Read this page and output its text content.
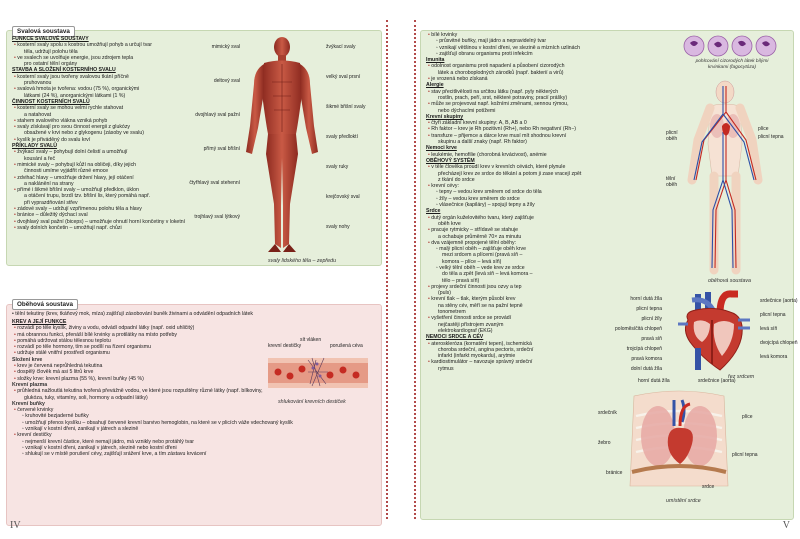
Svalová soustava

FUNKCE SVALOVÉ SOUSTAVY

• kosterní svaly spolu s kostrou umožňují pohyb a určují tvar

těla, udržují polohu těla

• ve svalech se uvolňuje energie, jsou zdrojem tepla

pro ostatní tělní orgány

STAVBA A SLOŽENÍ KOSTERNÍHO SVALU

• kosterní svaly jsou tvořeny svalovou tkání příčně

pruhovanou

• svalová hmota je tvořena: vodou (75 %), organickými

látkami (24 %), anorganickými látkami (1 %)

ČINNOST KOSTERNÍCH SVALŮ

• kosterní svaly se mohou velmi rychle stahovat

a natahovat

• stahem svalového vlákna vzniká pohyb

• svaly získávají pro svou činnost energii z glukózy

obsažené v krvi nebo z glykogenu (zásoby ve svalu)

• kyslík je přiváděný do svalu krví

PŘÍKLADY SVALŮ

• žvýkací svaly – pohybují dolní čelistí a umožňují

kousání a řeč

• mimické svaly – pohybují kůží na obličeji, díky jejich

činnosti umíme vyjádřit různé emoce

• zdvihač hlavy – umožňuje držení hlavy, její otáčení

a naklánění na strany

• přímé i šikmé břišní svaly – umožňují předklon, úklon

a otáčení trupu, brzdí tzv. břišní lis, který pomáhá např.

při vyprazdňování střev

• zádové svaly – udržují vzpřímenou polohu těla a hlavy

• bránice – důležitý dýchací sval

• dvojhlavý sval pažní (biceps) – umožňuje ohnutí horní končetiny v loketní

• svaly dolních končetin – umožňují např. chůzi

mimický sval
deltový sval
dvojhlavý sval pažní
přímý sval břišní
čtyřhlavý sval stehenní
trojhlavý sval lýtkový
žvýkací svaly
velký sval prsní
šikmé břišní svaly
svaly předloktí
svaly ruky
krejčovský sval
svaly nohy
svaly lidského těla – zepředu
Oběhová soustava

• tělní tekutiny (krev, tkáňový mok, míza) zajišťují zásobování buněk živinami a odvádění odpadních látek

KREV A JEJÍ FUNKCE

• rozvádí po těle kyslík, živiny a vodu, odvádí odpadní látky (např. oxid uhličitý)

• má obrannou funkci, přenáší bílé krvinky a protilátky na místo potřeby

• pomáhá udržovat stálou tělesnou teplotu

• rozvádí po těle hormony, tím se podílí na řízení organismu

• udržuje stálé vnitřní prostředí organismu

Složení krve

• krev je červená neprůhledná tekutina

• dospělý člověk má asi 5 litrů krve

• složky krve: krevní plazma (55 %), krevní buňky (45 %)

Krevní plazma

• průhledná nažloutlá tekutina tvořená převážně vodou, ve které jsou rozpuštěny různé látky (např. bílkoviny,

glukóza, tuky, vitamíny, soli, hormony a odpadní látky)

Krevní buňky

• červené krvinky

◦ kruhovité bezjaderné buňky

◦ umožňují přenos kyslíku – obsahují červené krevní barvivo hemoglobin, na které se v plicích váže vdechovaný kyslík

◦ vznikají v kostní dřeni, zanikají v játrech a slezině

• krevní destičky

◦ nejmenší krevní částice, které nemají jádro, má vznikly nebo protáhlý tvar

◦ vznikají v kostní dřeni, zanikají v játrech, slezině nebo kostní dřeni

◦ shlukují se v místě porušení cévy, zajišťují srážení krve, a tím zástavu krvácení

sít vláken
krevní destičky	porušená céva
shlukování krevních destiček
IV

• bílé krvinky

◦ průsvitné buňky, mají jádro a nepravidelný tvar

◦ vznikají většinou v kostní dřeni, ve slezině a mízních uzlinách

◦ zajišťují obranu organismu proti infekcím

Imunita

• odolnost organismu proti napadení a působení cizorodých

látek a choroboplodných zárodků (např. bakterií a virů)

• je vrozená nebo získaná

Alergie

• stav přecitlivělosti na určitou látku (např. pyly některých

rostlin, prach, peří, srst, některé potraviny, pracií prášky)

• může se projevovat např. kožními změnami, sennou rýmou,

nebo dýchacími potížemi

Krevní skupiny

• čtyři základní krevní skupiny: A, B, AB a 0

• Rh faktor – krev je Rh pozitivní (Rh+), nebo Rh negativní (Rh−)

• transfuze – přijemce a dárce krve musí mít shodnou krevní

skupinu a další znaky (např. Rh faktor)

Nemoci krve

• leukémie, hemofilie (chorobná krvácivost), anémie

OBĚHOVÝ SYSTÉM

• v těle člověka proudí krev v krevních cévách, které plynule

přecházejí krev ze srdce do těkání a potom ji zase vracejí zpět

z tkání do srdce

• krevní cévy:

◦ tepny – vedou krev směrem od srdce do těla

◦ žíly – vedou krev směrem do srdce

◦ vlásečnice (kapiláry) – spojují tepny a žíly

Srdce

• dutý orgán kuželovitého tvaru, který zajišťuje

oběh krve

• pracuje rytmicky – střídavě se stahuje

a ochabuje průměrně 70× za minutu

• dva vzájemně propojené tělní oběhy:

◦ malý plicní oběh – zajišťuje oběh krve

mezi srdcem a plícemi (pravá síň –

komora – plíce – levá síň)

◦ velký tělní oběh – vede krev ze srdce

do těla a zpět (levá síň – levá komora –

tělo – pravá síň)

• projevy srdeční činnosti jsou ozvy a tep

(puls)

• krevní tlak – tlak, kterým působí krev

na stěny cév, měří se na pažní tepně

tonometrem

• vyšetření činnosti srdce se provádí

nejčastěji přístrojem zvaným

elektrokardiograf (EKG)

NEMOCI SRDCE A CÉV

• ateroskleróza (kornatění tepen), ischemická

choroba srdeční, angína pectoris, srdeční

infarkt (infarkt myokardu), arytmie

• kardiostimulátor – navozuje správný srdeční

rytmus

pohlcování cizorodých látek bílými krvinkami (fagocytóza)
plicní oběh
plíce
plicní tepna
tělní oběh
oběhová soustava
horní dutá žíla
plicní tepna
plicní žíly
poloměsíčitá chlopeň
pravá síň
trojcípá chlopeň
pravá komora
dolní dutá žíla
srdečnice (aorta)
plicní tepna
levá síň
dvojcípá chlopeň
levá komora
řez srdcem
horní dutá žíla	srdečnice (aorta)
srdečník
plíce
žebro
bránice
plicní tepna
srdce
umístění srdce
V
